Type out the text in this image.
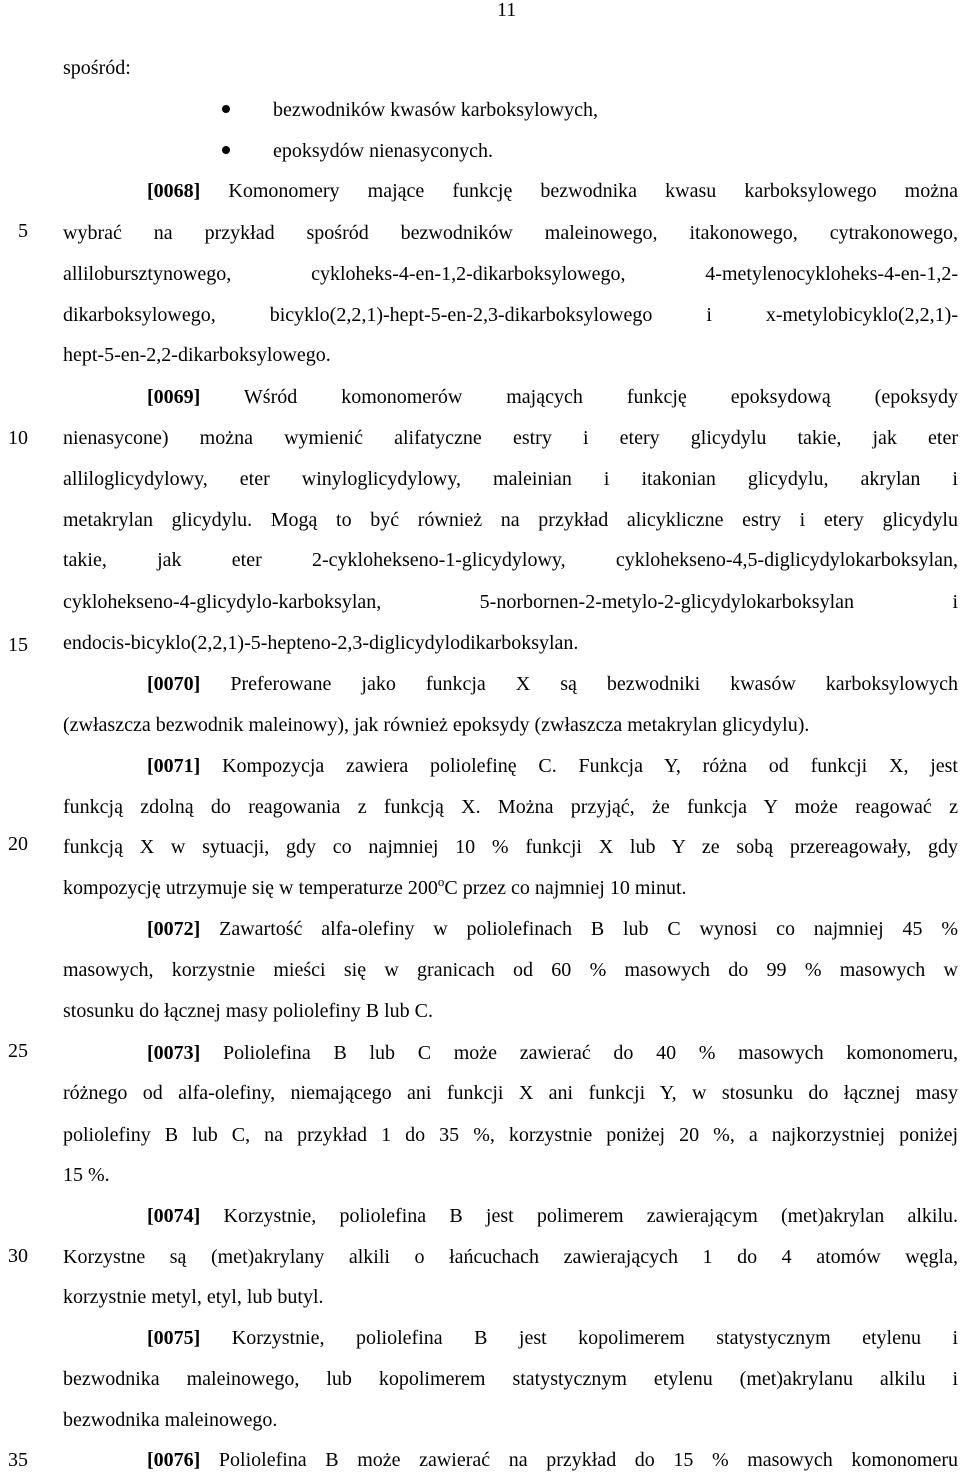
11
5
10
15
20
25
30
35
spośród:
bezwodników kwasów karboksylowych,
epoksydów nienasyconych.
[0068] Komonomery mające funkcję bezwodnika kwasu karboksylowego można
wybrać na przykład spośród bezwodników maleinowego, itakonowego, cytrakonowego,
allilobursztynowego, cykloheks-4-en-1,2-dikarboksylowego, 4-metylenocykloheks-4-en-1,2-
dikarboksylowego, bicyklo(2,2,1)-hept-5-en-2,3-dikarboksylowego i x-metylobicyklo(2,2,1)-
hept-5-en-2,2-dikarboksylowego.
[0069] Wśród komonomerów mających funkcję epoksydową (epoksydy
nienasycone) można wymienić alifatyczne estry i etery glicydylu takie, jak eter
alliloglicydylowy, eter winyloglicydylowy, maleinian i itakonian glicydylu, akrylan i
metakrylan glicydylu. Mogą to być również na przykład alicykliczne estry i etery glicydylu
takie, jak eter 2-cyklohekseno-1-glicydylowy, cyklohekseno-4,5-diglicydylokarboksylan,
cyklohekseno-4-glicydylo-karboksylan, 5-norbornen-2-metylo-2-glicydylokarboksylan i
endocis-bicyklo(2,2,1)-5-hepteno-2,3-diglicydylodikarboksylan.
[0070] Preferowane jako funkcja X są bezwodniki kwasów karboksylowych
(zwłaszcza bezwodnik maleinowy), jak również epoksydy (zwłaszcza metakrylan glicydylu).
[0071] Kompozycja zawiera poliolefinę C. Funkcja Y, różna od funkcji X, jest
funkcją zdolną do reagowania z funkcją X. Można przyjąć, że funkcja Y może reagować z
funkcją X w sytuacji, gdy co najmniej 10 % funkcji X lub Y ze sobą przereagowały, gdy
kompozycję utrzymuje się w temperaturze 200$^o$C przez co najmniej 10 minut.
[0072] Zawartość alfa-olefiny w poliolefinach B lub C wynosi co najmniej 45 %
masowych, korzystnie mieści się w granicach od 60 % masowych do 99 % masowych w
stosunku do łącznej masy poliolefiny B lub C.
[0073] Poliolefina B lub C może zawierać do 40 % masowych komonomeru,
różnego od alfa-olefiny, niemającego ani funkcji X ani funkcji Y, w stosunku do łącznej masy
poliolefiny B lub C, na przykład 1 do 35 %, korzystnie poniżej 20 %, a najkorzystniej poniżej
15 %.
[0074] Korzystnie, poliolefina B jest polimerem zawierającym (met)akrylan alkilu.
Korzystne są (met)akrylany alkili o łańcuchach zawierających 1 do 4 atomów węgla,
korzystnie metyl, etyl, lub butyl.
[0075] Korzystnie, poliolefina B jest kopolimerem statystycznym etylenu i
bezwodnika maleinowego, lub kopolimerem statystycznym etylenu (met)akrylanu alkilu i
bezwodnika maleinowego.
[0076] Poliolefina B może zawierać na przykład do 15 % masowych komonomeru
